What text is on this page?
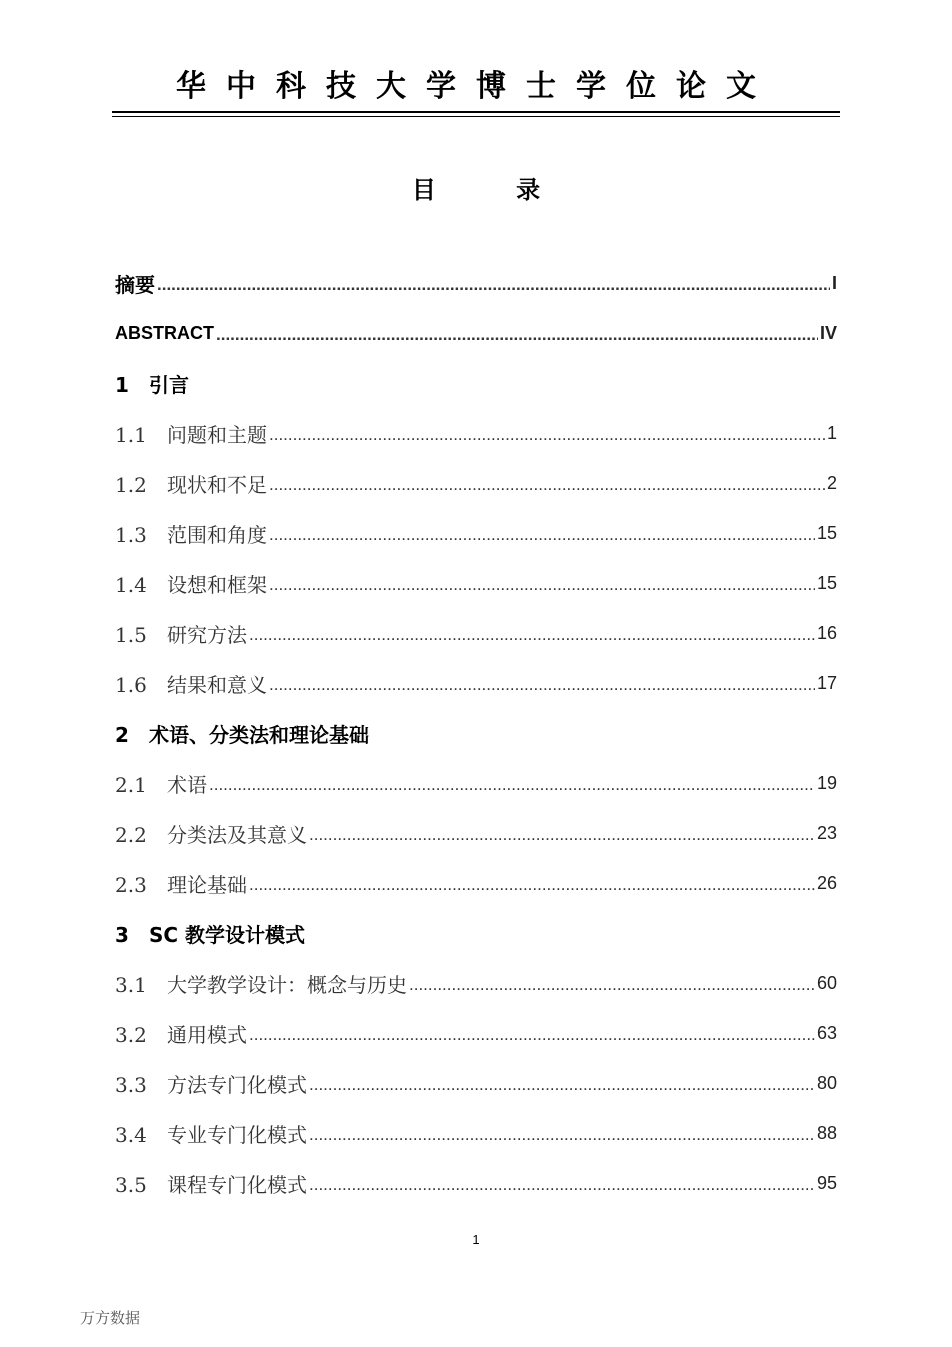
华中科技大学博士学位论文
目 录
摘要 .....	I
ABSTRACT .....	IV
1 引言
1.1 问题和主题 .....	1
1.2 现状和不足 .....	2
1.3 范围和角度 .....	15
1.4 设想和框架 .....	15
1.5 研究方法 .....	16
1.6 结果和意义 .....	17
2 术语、分类法和理论基础
2.1 术语 .....	19
2.2 分类法及其意义 .....	23
2.3 理论基础 .....	26
3 SC 教学设计模式
3.1 大学教学设计：概念与历史 .....	60
3.2 通用模式 .....	63
3.3 方法专门化模式 .....	80
3.4 专业专门化模式 .....	88
3.5 课程专门化模式 .....	95
1
万方数据
